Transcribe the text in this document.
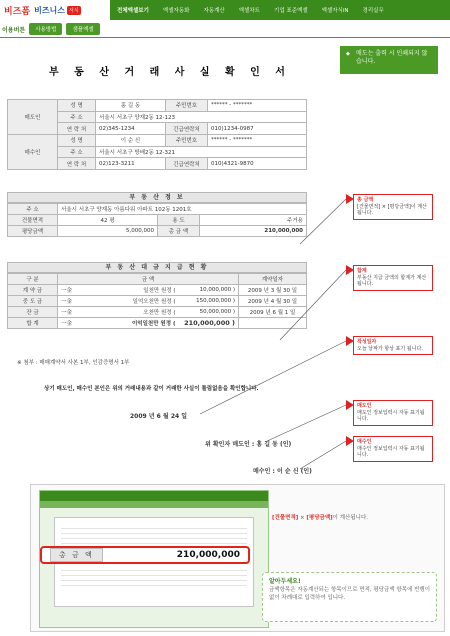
비즈폼 비즈니스 서식	전체엑셀보기	엑셀자동화	자동계산	엑셀차트	기업 표준엑셀	엑셀자식iN	경리실무
이용버튼	사용방법	샘플엑셀
◆ 매도는 출력 시 인쇄되지 않습니다.
부 동 산 거 래 사 실 확 인 서
매도인	성 명	홍 길 동	주민번호	****** - *******
	주 소	서울시 서초구 양재2동 12-123		
	연 락 처	02)345-1234	긴급연락처	010)1234-0987
매수인	성 명	이 순 신	주민번호	****** - *******
	주 소	서울시 서초구 방배2동 12-321		
	연 락 처	02)123-3211	긴급연락처	010)4321-9870
부 동 산 정 보
주 소	서울시 서초구 양재동 아름다워 아파트 102동 1201호		
건물면적	42 평	용 도	주거용
평당금액	5,000,000	총 금 액	210,000,000
부 동 산 대 금 지 급 현 황
구 분	금 액			계약일자
계 약 금	一金	일천만 원정 (	10,000,000 )	2009 년 3 월 30 일
중 도 금	一金	일억오천만 원정 (	150,000,000 )	2009 년 4 월 30 일
잔 금	一金	오천만 원정 (	50,000,000 )	2009 년 6 월 1 일
합 계	一金	이억일천만 원정 (	210,000,000 )	
※ 첨부 : 매매계약서 사본 1부, 인감증명서 1부
상기 매도인, 매수인 본인은 위의 거래내용과 같이 거래한 사실이 틀림없음을 확인합니다.
2009 년 6 월 24 일
위 확인자 매도인 : 홍 길 동 (인)
매수인 : 이 순 신 (인)
총 금액
[건물면적] × [평당금액]이 계산됩니다.
합계
부동산 지급 금액의 합계가 계산됩니다.
작성일자
오늘 날짜가 항상 표기 됩니다.
매도인
매도인 정보입력시 자동 표기됩니다.
매수인
매수인 정보입력시 자동 표기됩니다.
[건물면적] × [평당금액]이 계산됩니다.
총 금 액	210,000,000
알아두세요!
금액항목은 자동계산되는 항목이므로 면적, 평당금액 항목에 빈행이 없이 차례대로 입력하여 입니다.
